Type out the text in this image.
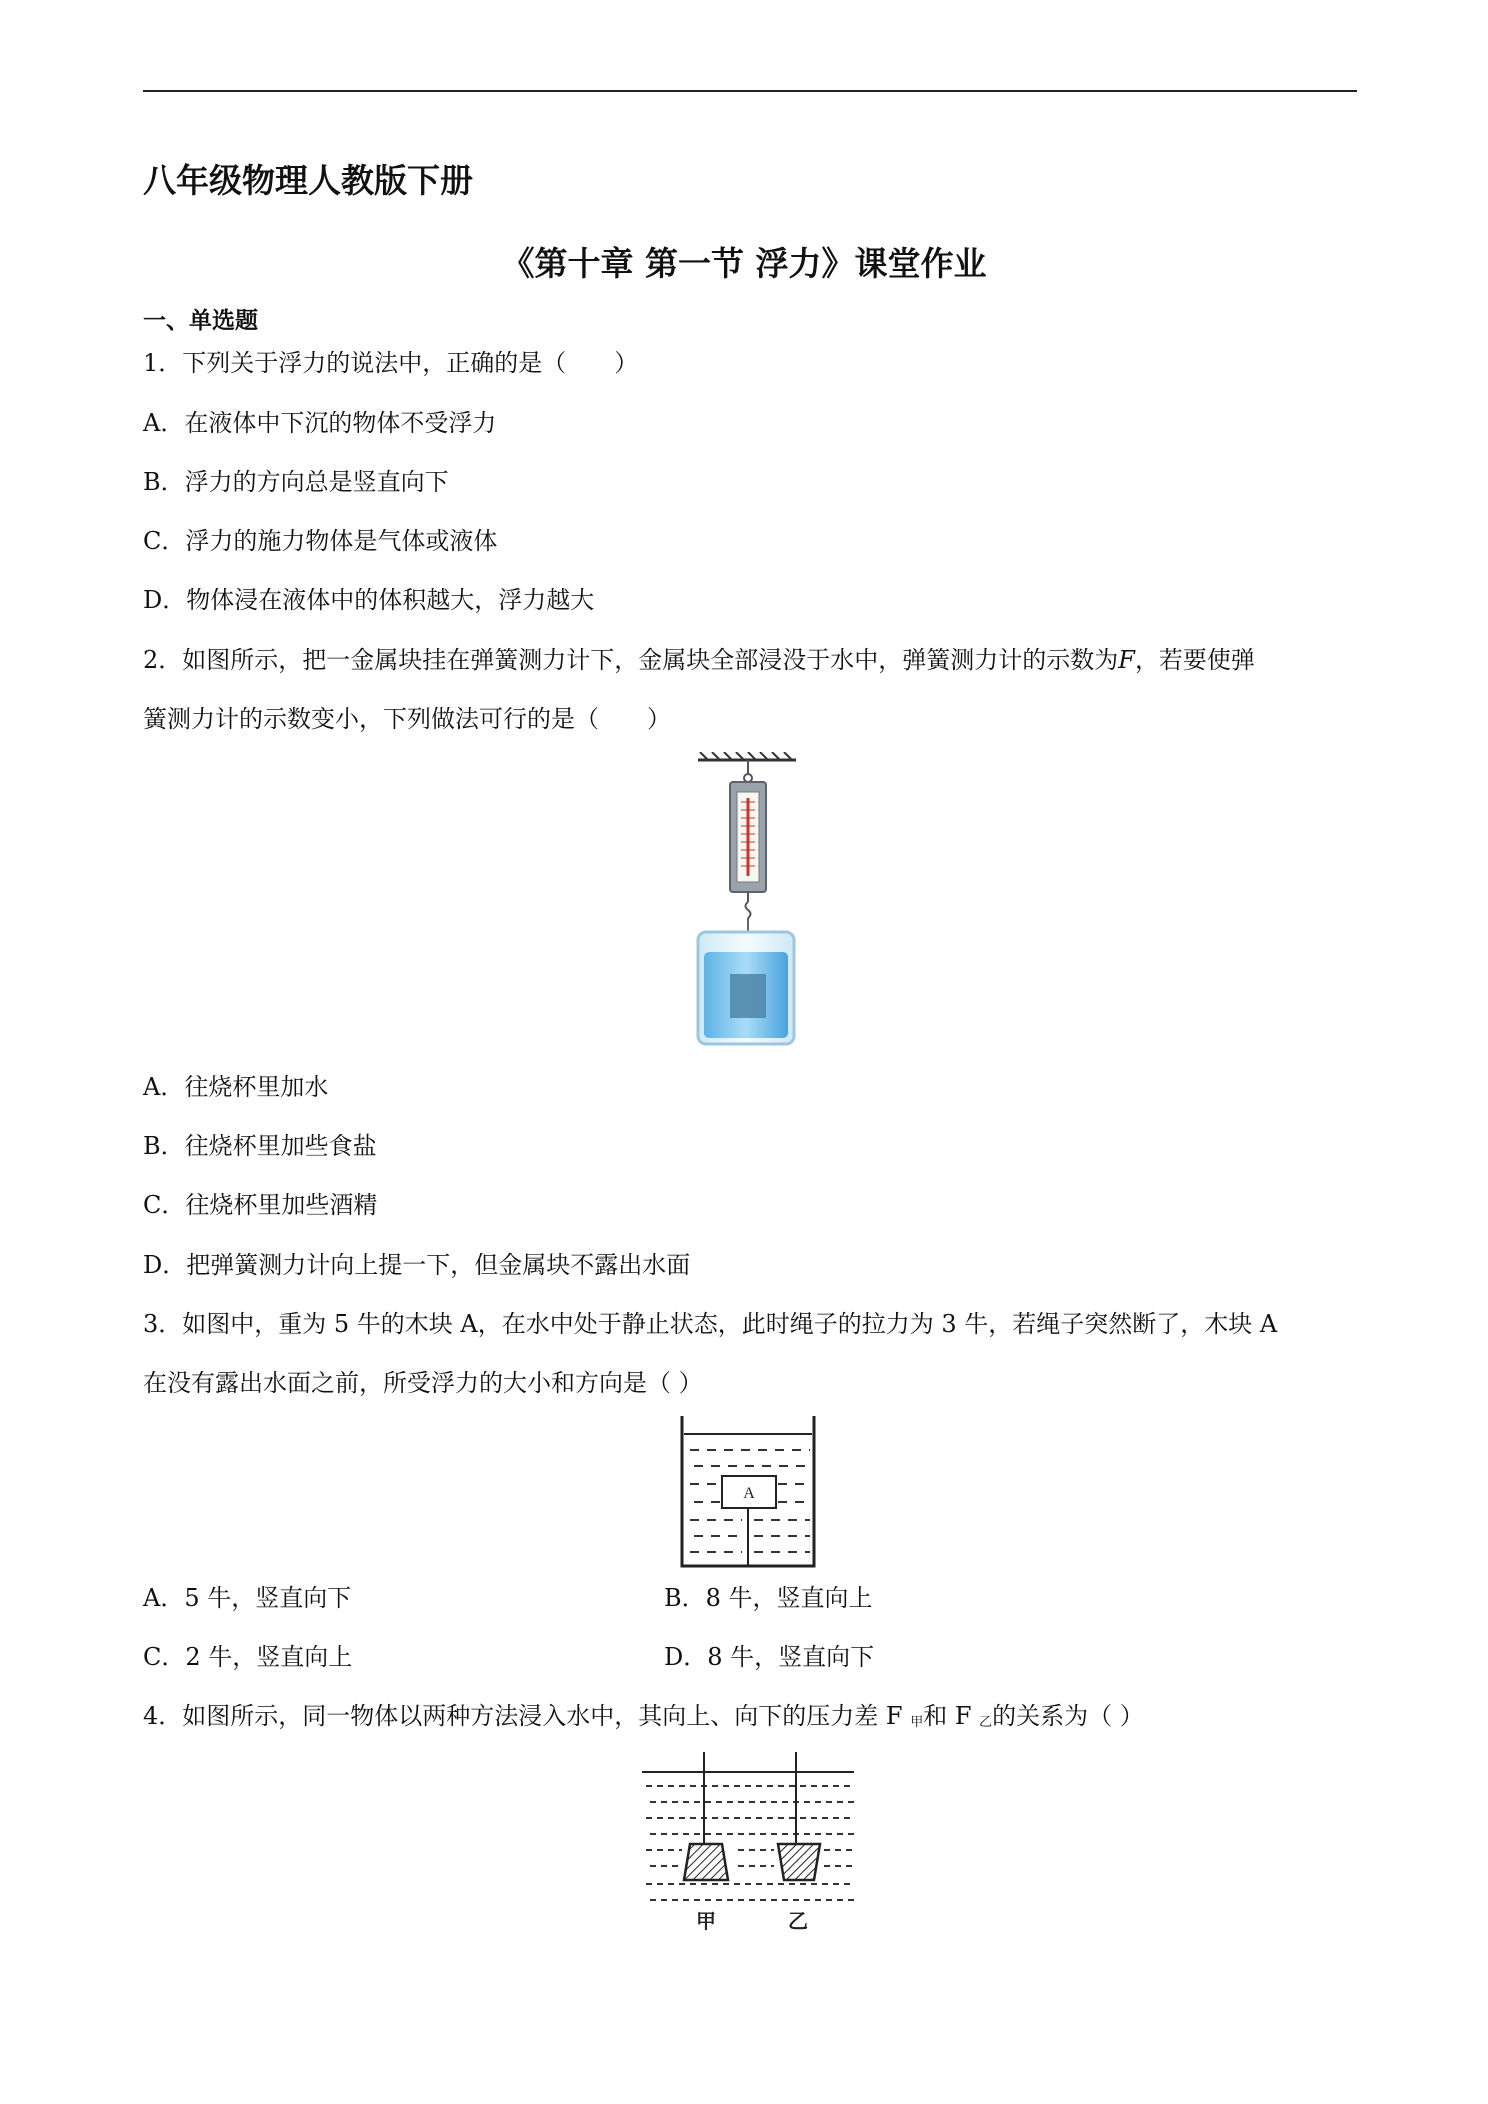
八年级物理人教版下册
《第十章 第一节 浮力》课堂作业
一、单选题
1．下列关于浮力的说法中，正确的是（　　）
A．在液体中下沉的物体不受浮力
B．浮力的方向总是竖直向下
C．浮力的施力物体是气体或液体
D．物体浸在液体中的体积越大，浮力越大
2．如图所示，把一金属块挂在弹簧测力计下，金属块全部浸没于水中，弹簧测力计的示数为F，若要使弹
簧测力计的示数变小，下列做法可行的是（　　）
A．往烧杯里加水
B．往烧杯里加些食盐
C．往烧杯里加些酒精
D．把弹簧测力计向上提一下，但金属块不露出水面
3．如图中，重为 5 牛的木块 A，在水中处于静止状态，此时绳子的拉力为 3 牛，若绳子突然断了，木块 A
在没有露出水面之前，所受浮力的大小和方向是（ ）
A
A．5 牛，竖直向下	B．8 牛，竖直向上
C．2 牛，竖直向上	D．8 牛，竖直向下
4．如图所示，同一物体以两种方法浸入水中，其向上、向下的压力差 F $_甲$和 F $_乙$的关系为（ ）
甲	乙
